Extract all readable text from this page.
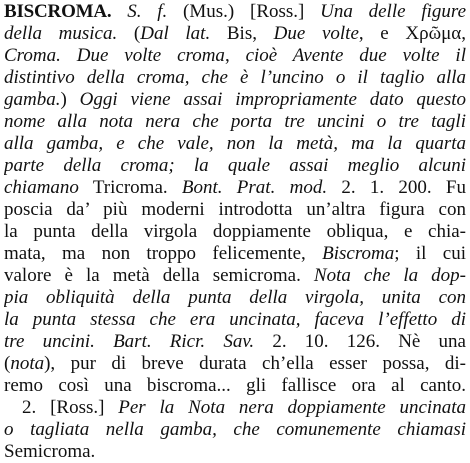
BISCROMA. S. f. (Mus.) [Ross.] Una delle figure
della musica. (Dal lat. Bis, Due volte, e Χρῶμα,
Croma. Due volte croma, cioè Avente due volte il
distintivo della croma, che è l’uncino o il taglio alla
gamba.) Oggi viene assai impropriamente dato questo
nome alla nota nera che porta tre uncini o tre tagli
alla gamba, e che vale, non la metà, ma la quarta
parte della croma; la quale assai meglio alcuni
chiamano Tricroma. Bont. Prat. mod. 2. 1. 200. Fu
poscia da’ più moderni introdotta un’altra figura con
la punta della virgola doppiamente obliqua, e chia-
mata, ma non troppo felicemente, Biscroma; il cui
valore è la metà della semicroma. Nota che la dop-
pia obliquità della punta della virgola, unita con
la punta stessa che era uncinata, faceva l’effetto di
tre uncini. Bart. Ricr. Sav. 2. 10. 126. Nè una
(nota), pur di breve durata ch’ella esser possa, di-
remo così una biscroma... gli fallisce ora al canto.
2. [Ross.] Per la Nota nera doppiamente uncinata
o tagliata nella gamba, che comunemente chiamasi
Semicroma.
